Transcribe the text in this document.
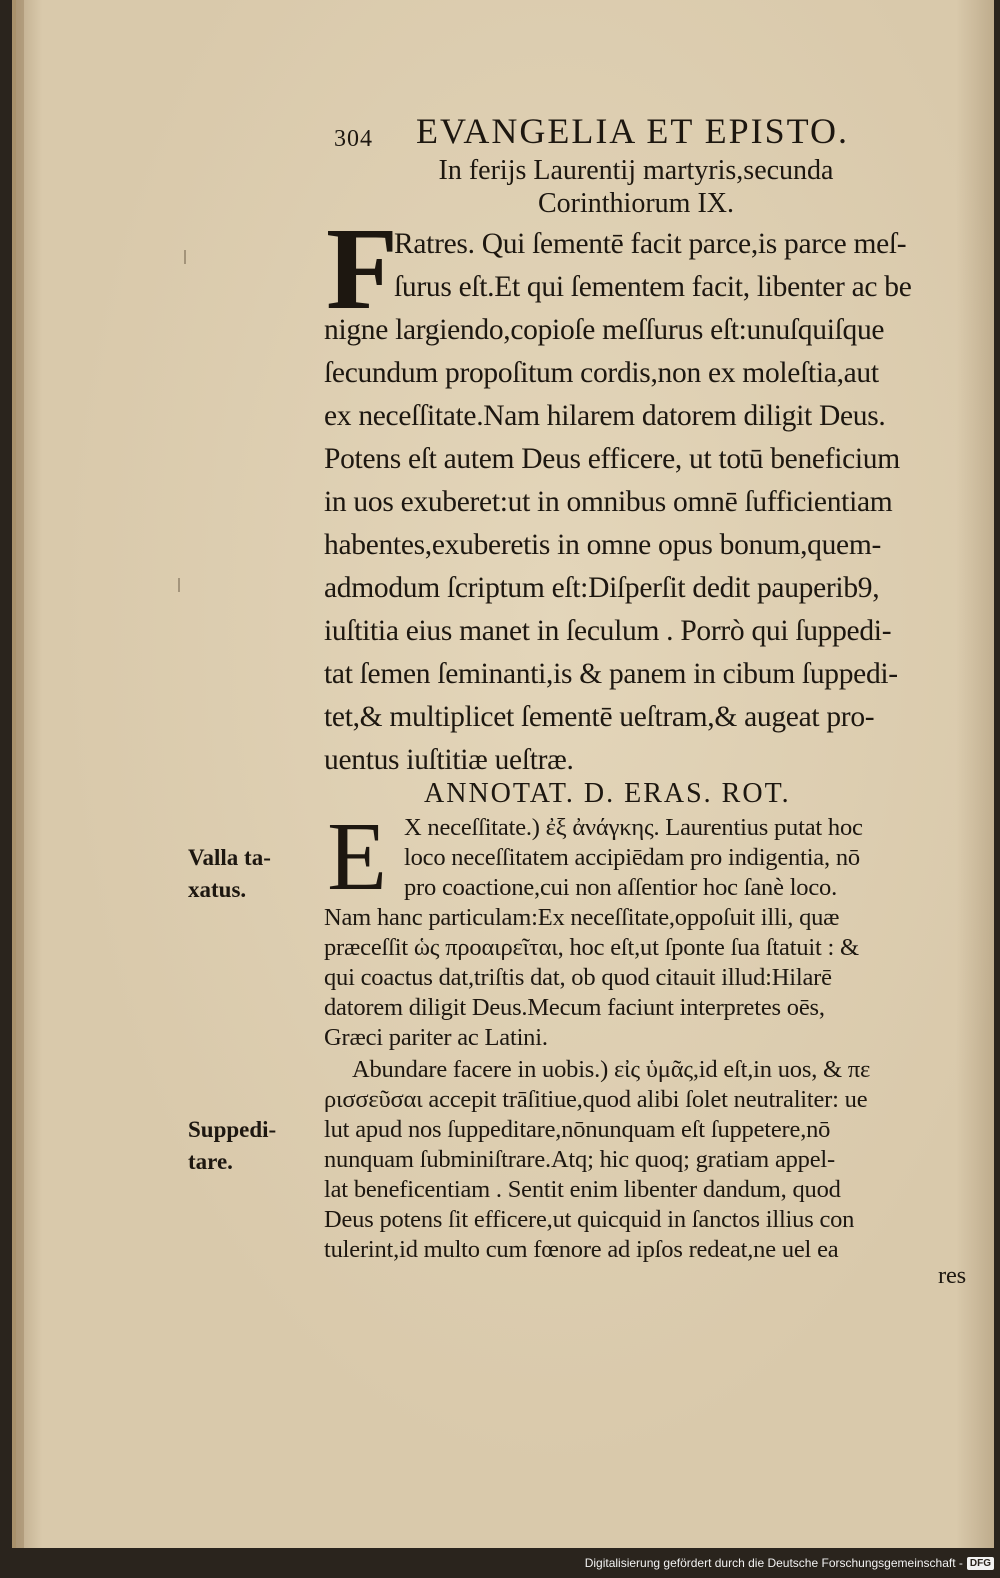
304 EVANGELIA ET EPISTO.
In ferijs Laurentij martyris,secunda
Corinthiorum IX.
F
Ratres. Qui ſementē facit parce,is parce meſ-
ſurus eſt.Et qui ſementem facit, libenter ac be
nigne largiendo,copioſe meſſurus eſt:unuſquiſque
ſecundum propoſitum cordis,non ex moleſtia,aut
ex neceſſitate.Nam hilarem datorem diligit Deus.
Potens eſt autem Deus efficere, ut totū beneficium
in uos exuberet:ut in omnibus omnē ſufficientiam
habentes,exuberetis in omne opus bonum,quem-
admodum ſcriptum eſt:Diſperſit dedit pauperib9,
iuſtitia eius manet in ſeculum . Porrò qui ſuppedi-
tat ſemen ſeminanti,is & panem in cibum ſuppedi-
tet,& multiplicet ſementē ueſtram,& augeat pro-
uentus iuſtitiæ ueſtræ.
ANNOTAT. D. ERAS. ROT.
E X neceſſitate.) ἐξ ἀνάγκης. Laurentius putat hoc
loco neceſſitatem accipiēdam pro indigentia, nō
pro coactione,cui non aſſentior hoc ſanè loco.
Nam hanc particulam:Ex neceſſitate,oppoſuit illi, quæ
præceſſit ὡς προαιρεῖται, hoc eſt,ut ſponte ſua ſtatuit : &
qui coactus dat,triſtis dat, ob quod citauit illud:Hilarē
datorem diligit Deus.Mecum faciunt interpretes oēs,
Græci pariter ac Latini.
Abundare facere in uobis.) εἰς ὑμᾶς,id eſt,in uos, & πε
ρισσεῦσαι accepit trāſitiue,quod alibi ſolet neutraliter: ue
lut apud nos ſuppeditare,nōnunquam eſt ſuppetere,nō
nunquam ſubminiſtrare.Atq; hic quoq; gratiam appel-
lat beneficentiam . Sentit enim libenter dandum, quod
Deus potens ſit efficere,ut quicquid in ſanctos illius con
tulerint,id multo cum fœnore ad ipſos redeat,ne uel ea
res
Valla ta-
xatus.
Suppedi-
tare.
Digitalisierung gefördert durch die Deutsche Forschungsgemeinschaft - DFG
